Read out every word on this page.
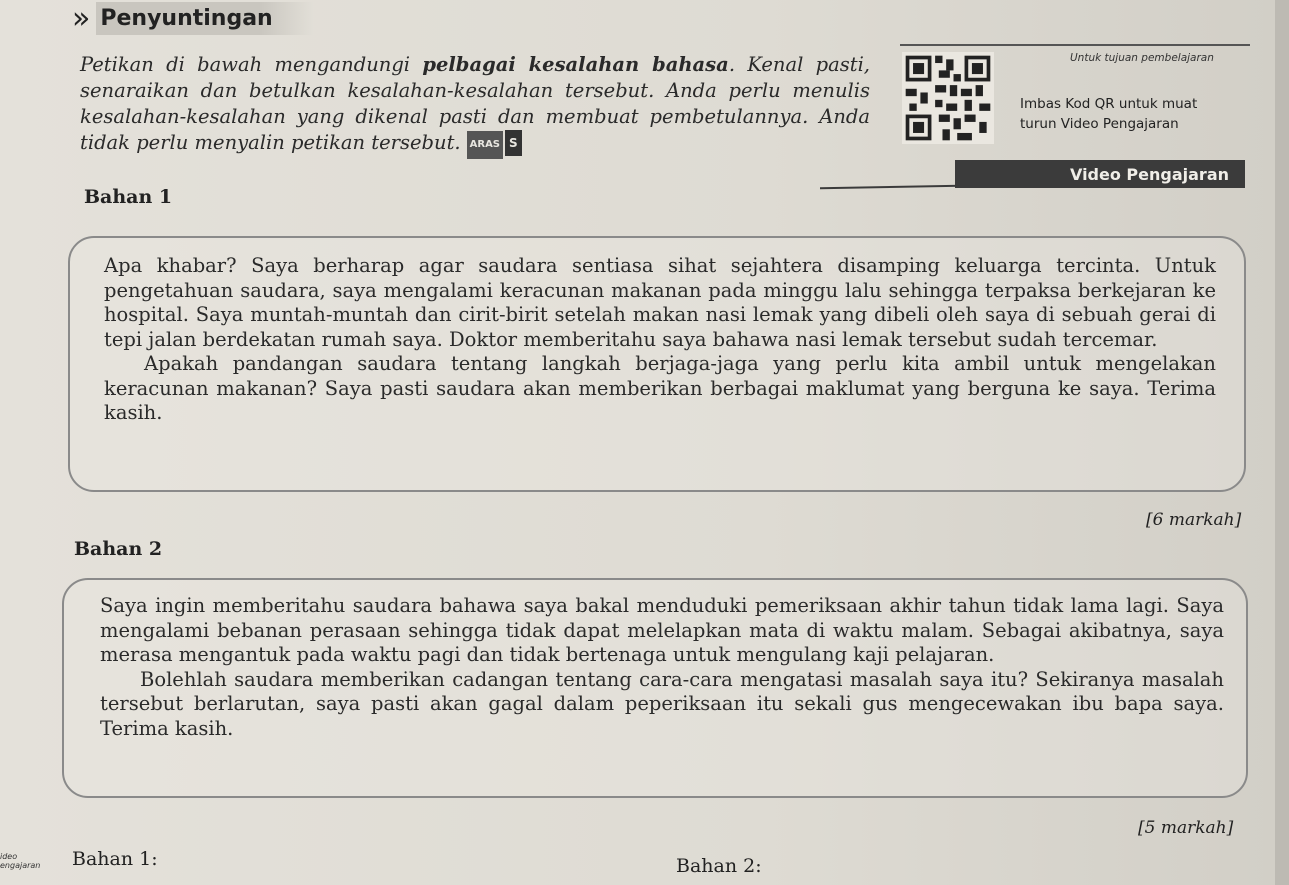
» Penyuntingan
Petikan di bawah mengandungi pelbagai kesalahan bahasa. Kenal pasti, senaraikan dan betulkan kesalahan-kesalahan tersebut. Anda perlu menulis kesalahan-kesalahan yang dikenal pasti dan membuat pembetulannya. Anda tidak perlu menyalin petikan tersebut. ARAS S
Untuk tujuan pembelajaran
Imbas Kod QR untuk muat turun Video Pengajaran
Video Pengajaran
Bahan 1

Apa khabar? Saya berharap agar saudara sentiasa sihat sejahtera disamping keluarga tercinta. Untuk pengetahuan saudara, saya mengalami keracunan makanan pada minggu lalu sehingga terpaksa berkejaran ke hospital. Saya muntah-muntah dan cirit-birit setelah makan nasi lemak yang dibeli oleh saya di sebuah gerai di tepi jalan berdekatan rumah saya. Doktor memberitahu saya bahawa nasi lemak tersebut sudah tercemar.

Apakah pandangan saudara tentang langkah berjaga-jaga yang perlu kita ambil untuk mengelakan keracunan makanan? Saya pasti saudara akan memberikan berbagai maklumat yang berguna ke saya. Terima kasih.

[6 markah]
Bahan 2

Saya ingin memberitahu saudara bahawa saya bakal menduduki pemeriksaan akhir tahun tidak lama lagi. Saya mengalami bebanan perasaan sehingga tidak dapat melelapkan mata di waktu malam. Sebagai akibatnya, saya merasa mengantuk pada waktu pagi dan tidak bertenaga untuk mengulang kaji pelajaran.

Bolehlah saudara memberikan cadangan tentang cara-cara mengatasi masalah saya itu? Sekiranya masalah tersebut berlarutan, saya pasti akan gagal dalam peperiksaan itu sekali gus mengecewakan ibu bapa saya. Terima kasih.

[5 markah]
Bahan 1:	Bahan 2:
ideo
engajaran
